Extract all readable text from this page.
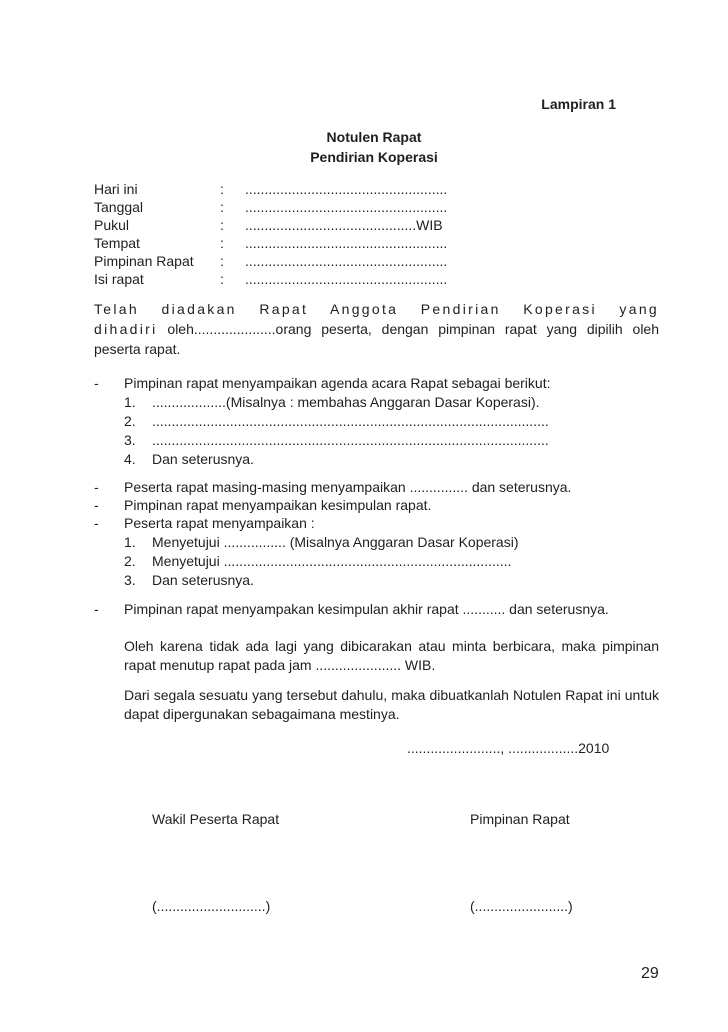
Lampiran 1
Notulen Rapat
Pendirian Koperasi
Hari ini	: ....................................................
Tanggal	: ....................................................
Pukul	: ............................................WIB
Tempat	: ....................................................
Pimpinan Rapat : ....................................................
Isi rapat	: ....................................................
Telah diadakan Rapat Anggota Pendirian Koperasi yang dihadiri oleh.....................orang peserta, dengan pimpinan rapat yang dipilih oleh peserta rapat.
- Pimpinan rapat menyampaikan agenda acara Rapat sebagai berikut:
1. ...................(Misalnya : membahas Anggaran Dasar Koperasi).
2. ......................................................................................................
3. ......................................................................................................
4. Dan seterusnya.
- Peserta rapat masing-masing menyampaikan ............... dan seterusnya.
- Pimpinan rapat menyampaikan kesimpulan rapat.
- Peserta rapat menyampaikan :
1. Menyetujui ................ (Misalnya Anggaran Dasar Koperasi)
2. Menyetujui ..........................................................................
3. Dan seterusnya.
- Pimpinan rapat menyampakan kesimpulan akhir rapat ........... dan seterusnya.
Oleh karena tidak ada lagi yang dibicarakan atau minta berbicara, maka pimpinan rapat menutup rapat pada jam ...................... WIB.
Dari segala sesuatu yang tersebut dahulu, maka dibuatkanlah Notulen Rapat ini untuk dapat dipergunakan sebagaimana mestinya.
........................, ..................2010
Wakil Peserta Rapat	Pimpinan Rapat
(............................)	(........................)
29
